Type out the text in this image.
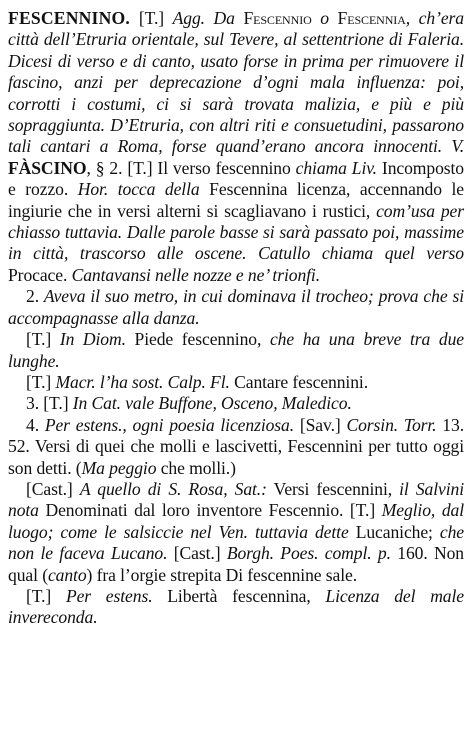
FESCENNINO. [T.] Agg. Da Fescennio o Fescennia, ch’era città dell’Etruria orientale, sul Tevere, al settentrione di Faleria. Dicesi di verso e di canto, usato forse in prima per rimuovere il fascino, anzi per deprecazione d’ogni mala influenza: poi, corrotti i costumi, ci si sarà trovata malizia, e più e più sopraggiunta. D’Etruria, con altri riti e consuetudini, passarono tali cantari a Roma, forse quand’erano ancora innocenti. V. FÀSCINO, § 2. [T.] Il verso fescennino chiama Liv. Incomposto e rozzo. Hor. tocca della Fescennina licenza, accennando le ingiurie che in versi alterni si scagliavano i rustici, com’usa per chiasso tuttavia. Dalle parole basse si sarà passato poi, massime in città, trascorso alle oscene. Catullo chiama quel verso Procace. Cantavansi nelle nozze e ne’ trionfi.

2. Aveva il suo metro, in cui dominava il trocheo; prova che si accompagnasse alla danza.

[T.] In Diom. Piede fescennino, che ha una breve tra due lunghe.

[T.] Macr. l’ha sost. Calp. Fl. Cantare fescennini.

3. [T.] In Cat. vale Buffone, Osceno, Maledico.

4. Per estens., ogni poesia licenziosa. [Sav.] Corsin. Torr. 13. 52. Versi di quei che molli e lascivetti, Fescennini per tutto oggi son detti. (Ma peggio che molli.)

[Cast.] A quello di S. Rosa, Sat.: Versi fescennini, il Salvini nota Denominati dal loro inventore Fescennio. [T.] Meglio, dal luogo; come le salsiccie nel Ven. tuttavia dette Lucaniche; che non le faceva Lucano. [Cast.] Borgh. Poes. compl. p. 160. Non qual (canto) fra l’orgie strepita Di fescennine sale.

[T.] Per estens. Libertà fescennina, Licenza del male invereconda.
